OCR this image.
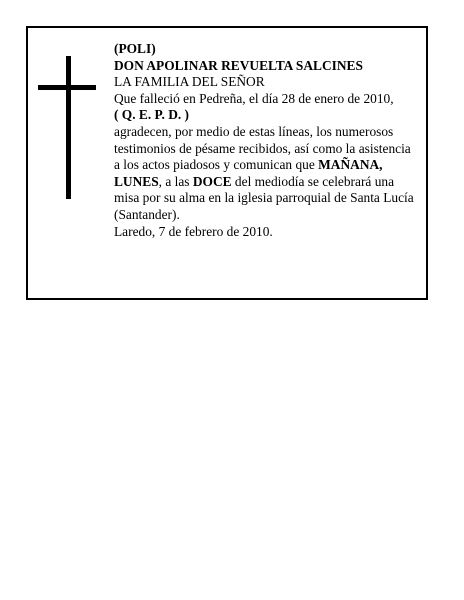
(POLI)

DON APOLINAR REVUELTA SALCINES

LA FAMILIA DEL SEÑOR

Que falleció en Pedreña, el día 28 de enero de 2010,

( Q. E. P. D. )

agradecen, por medio de estas líneas, los numerosos testimonios de pésame recibidos, así como la asistencia a los actos piadosos y comunican que MAÑANA, LUNES, a las DOCE del mediodía se celebrará una misa por su alma en la iglesia parroquial de Santa Lucía (Santander).

Laredo, 7 de febrero de 2010.
